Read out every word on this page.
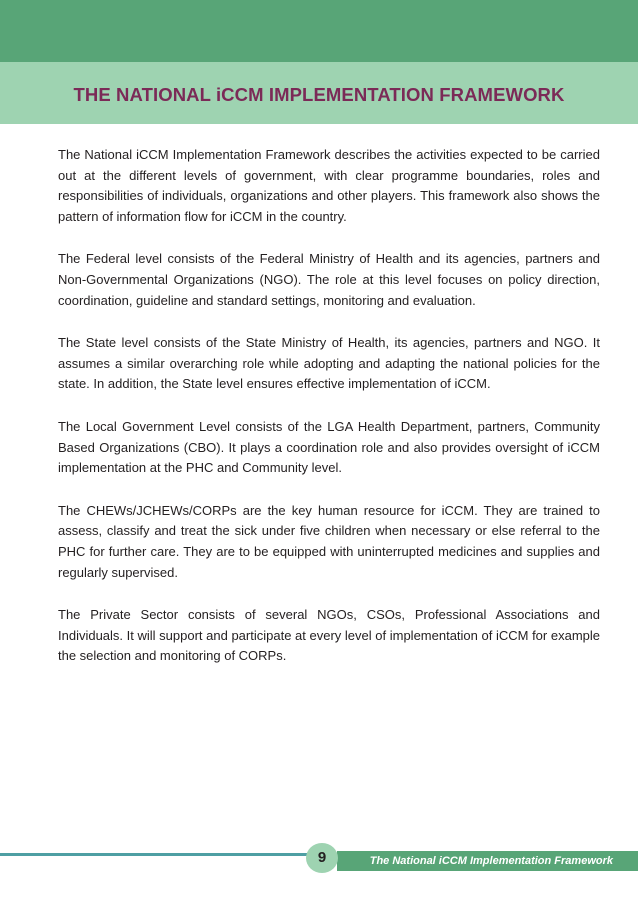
THE NATIONAL iCCM IMPLEMENTATION FRAMEWORK

The National iCCM Implementation Framework describes the activities expected to be carried out at the different levels of government, with clear programme boundaries, roles and responsibilities of individuals, organizations and other players. This framework also shows the pattern of information flow for iCCM in the country.

The Federal level consists of the Federal Ministry of Health and its agencies, partners and Non-Governmental Organizations (NGO). The role at this level focuses on policy direction, coordination, guideline and standard settings, monitoring and evaluation.

The State level consists of the State Ministry of Health, its agencies, partners and NGO. It assumes a similar overarching role while adopting and adapting the national policies for the state. In addition, the State level ensures effective implementation of iCCM.

The Local Government Level consists of the LGA Health Department, partners, Community Based Organizations (CBO). It plays a coordination role and also provides oversight of iCCM implementation at the PHC and Community level.

The CHEWs/JCHEWs/CORPs are the key human resource for iCCM. They are trained to assess, classify and treat the sick under five children when necessary or else referral to the PHC for further care. They are to be equipped with uninterrupted medicines and supplies and regularly supervised.

The Private Sector consists of several NGOs, CSOs, Professional Associations and Individuals. It will support and participate at every level of implementation of iCCM for example the selection and monitoring of CORPs.

The National iCCM Implementation Framework
9
